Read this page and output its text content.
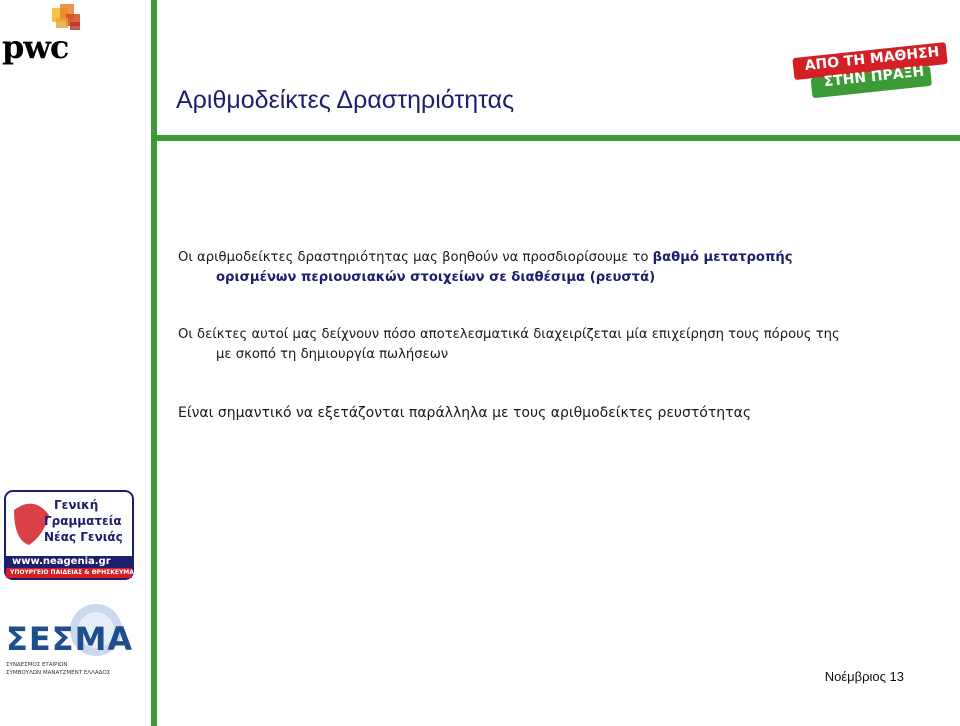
pwc	ΑΠΟ ΤΗ ΜΑΘΗΣΗ ΣΤΗΝ ΠΡΑΞΗ
Αριθμοδείκτες Δραστηριότητας
Οι αριθμοδείκτες δραστηριότητας μας βοηθούν να προσδιορίσουμε το βαθμό μετατροπής
ορισμένων περιουσιακών στοιχείων σε διαθέσιμα (ρευστά)
Οι δείκτες αυτοί μας δείχνουν πόσο αποτελεσματικά διαχειρίζεται μία επιχείρηση τους πόρους της
με σκοπό τη δημιουργία πωλήσεων
Είναι σημαντικό να εξετάζονται παράλληλα με τους αριθμοδείκτες ρευστότητας
Γενική
Γραμματεία
Νέας Γενιάς
www.neagenia.gr
ΥΠΟΥΡΓΕΙΟ ΠΑΙΔΕΙΑΣ & ΘΡΗΣΚΕΥΜΑΤΩΝ
ΣΕΣΜΑ
ΣΥΝΔΕΣΜΟΣ ΕΤΑΙΡΙΩΝ
ΣΥΜΒΟΥΛΩΝ ΜΑΝΑΤΖΜΕΝΤ ΕΛΛΑΔΟΣ	Νοέμβριος 13
